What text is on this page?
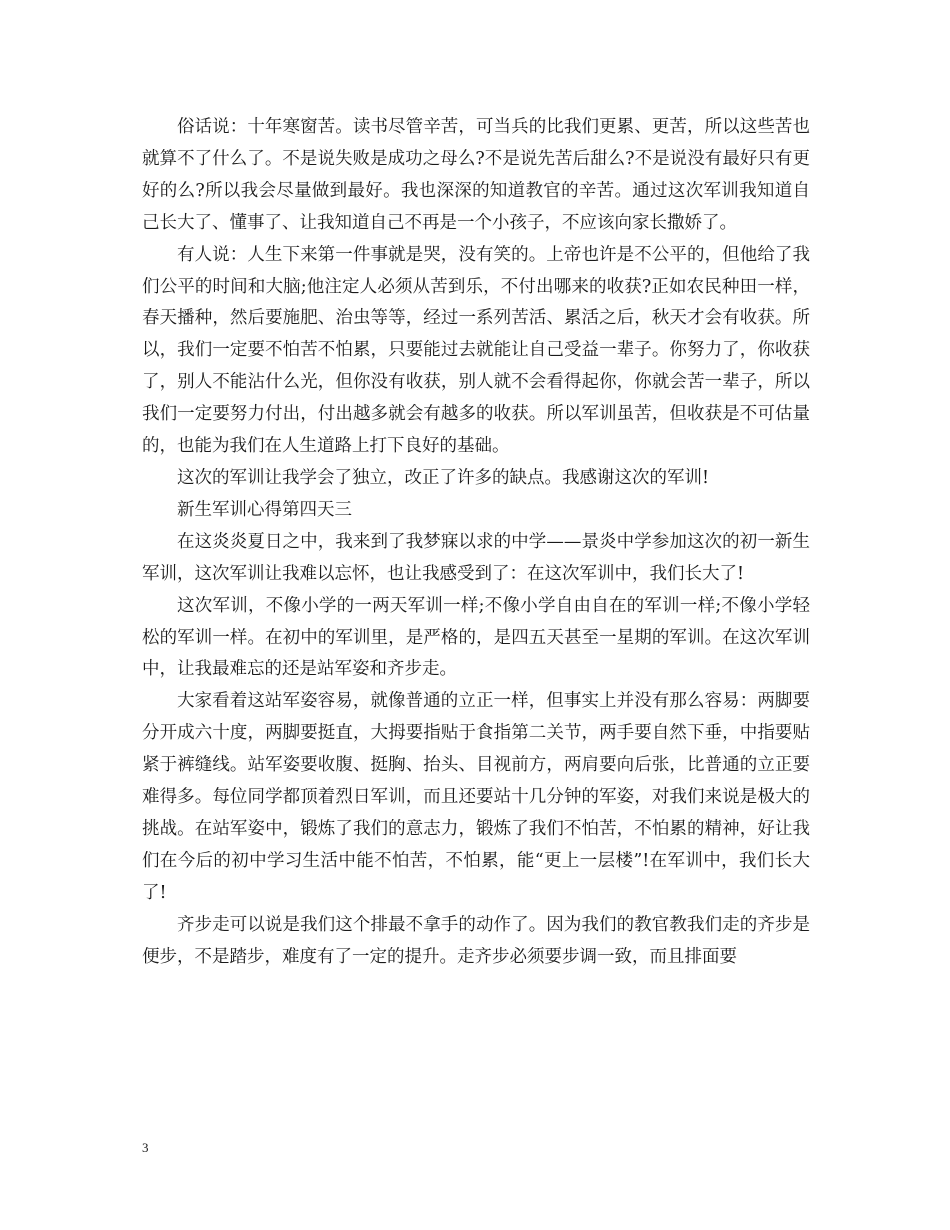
俗话说：十年寒窗苦。读书尽管辛苦，可当兵的比我们更累、更苦，所以这些苦也就算不了什么了。不是说失败是成功之母么?不是说先苦后甜么?不是说没有最好只有更好的么?所以我会尽量做到最好。我也深深的知道教官的辛苦。通过这次军训我知道自己长大了、懂事了、让我知道自己不再是一个小孩子，不应该向家长撒娇了。

有人说：人生下来第一件事就是哭，没有笑的。上帝也许是不公平的，但他给了我们公平的时间和大脑;他注定人必须从苦到乐，不付出哪来的收获?正如农民种田一样，春天播种，然后要施肥、治虫等等，经过一系列苦活、累活之后，秋天才会有收获。所以，我们一定要不怕苦不怕累，只要能过去就能让自己受益一辈子。你努力了，你收获了，别人不能沾什么光，但你没有收获，别人就不会看得起你，你就会苦一辈子，所以我们一定要努力付出，付出越多就会有越多的收获。所以军训虽苦，但收获是不可估量的，也能为我们在人生道路上打下良好的基础。

这次的军训让我学会了独立，改正了许多的缺点。我感谢这次的军训!

新生军训心得第四天三

在这炎炎夏日之中，我来到了我梦寐以求的中学——景炎中学参加这次的初一新生军训，这次军训让我难以忘怀，也让我感受到了：在这次军训中，我们长大了!

这次军训，不像小学的一两天军训一样;不像小学自由自在的军训一样;不像小学轻松的军训一样。在初中的军训里，是严格的，是四五天甚至一星期的军训。在这次军训中，让我最难忘的还是站军姿和齐步走。

大家看着这站军姿容易，就像普通的立正一样，但事实上并没有那么容易：两脚要分开成六十度，两脚要挺直，大拇要指贴于食指第二关节，两手要自然下垂，中指要贴紧于裤缝线。站军姿要收腹、挺胸、抬头、目视前方，两肩要向后张，比普通的立正要难得多。每位同学都顶着烈日军训，而且还要站十几分钟的军姿，对我们来说是极大的挑战。在站军姿中，锻炼了我们的意志力，锻炼了我们不怕苦，不怕累的精神，好让我们在今后的初中学习生活中能不怕苦，不怕累，能“更上一层楼”!在军训中，我们长大了!

齐步走可以说是我们这个排最不拿手的动作了。因为我们的教官教我们走的齐步是便步，不是踏步，难度有了一定的提升。走齐步必须要步调一致，而且排面要

3
